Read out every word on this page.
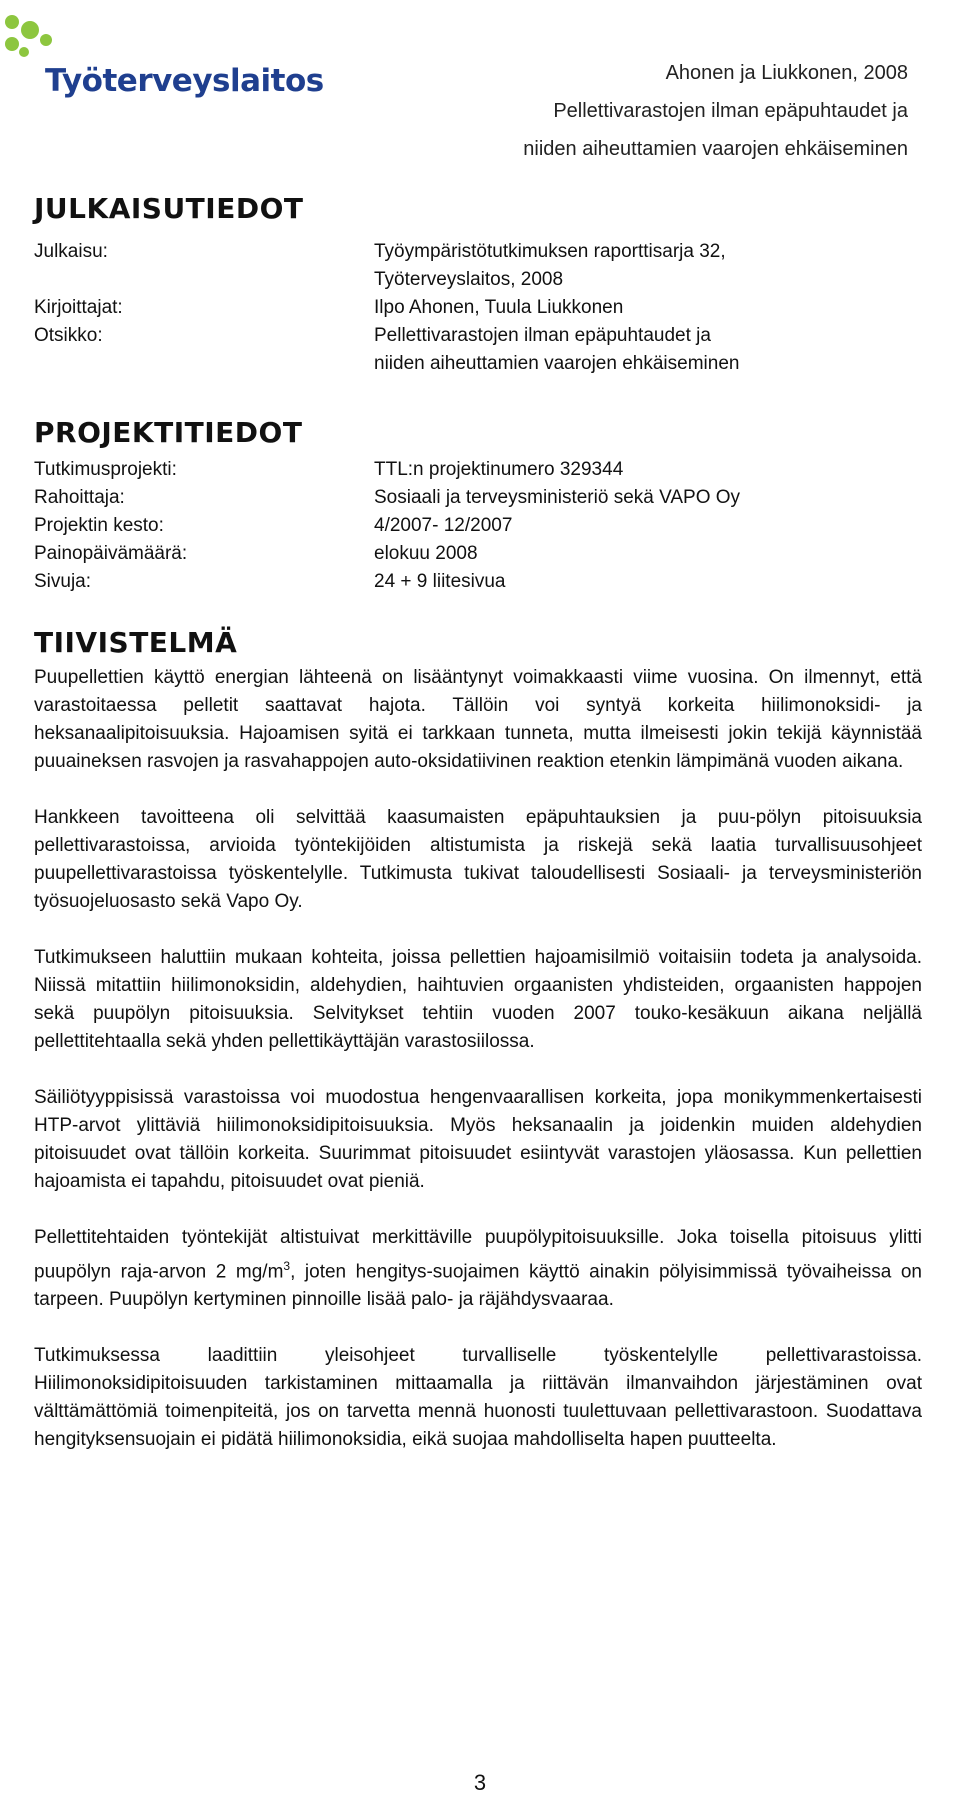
Työterveyslaitos	Ahonen ja Liukkonen, 2008
Pellettivarastojen ilman epäpuhtaudet ja
niiden aiheuttamien vaarojen ehkäiseminen
JULKAISUTIEDOT
Julkaisu:	Työympäristötutkimuksen raporttisarja 32,
Työterveyslaitos, 2008
Kirjoittajat:	Ilpo Ahonen, Tuula Liukkonen
Otsikko:	Pellettivarastojen ilman epäpuhtaudet ja
niiden aiheuttamien vaarojen ehkäiseminen
PROJEKTITIEDOT
Tutkimusprojekti:	TTL:n projektinumero 329344
Rahoittaja:	Sosiaali ja terveysministeriö sekä VAPO Oy
Projektin kesto:	4/2007- 12/2007
Painopäivämäärä:	elokuu 2008
Sivuja:	24 + 9 liitesivua
TIIVISTELMÄ

Puupellettien käyttö energian lähteenä on lisääntynyt voimakkaasti viime vuosina. On ilmennyt, että varastoitaessa pelletit saattavat hajota. Tällöin voi syntyä korkeita hiilimonoksidi- ja heksanaalipitoisuuksia. Hajoamisen syitä ei tarkkaan tunneta, mutta ilmeisesti jokin tekijä käynnistää puuaineksen rasvojen ja rasvahappojen auto-oksidatiivinen reaktion etenkin lämpimänä vuoden aikana.

Hankkeen tavoitteena oli selvittää kaasumaisten epäpuhtauksien ja puu-pölyn pitoisuuksia pellettivarastoissa, arvioida työntekijöiden altistumista ja riskejä sekä laatia turvallisuusohjeet puupellettivarastoissa työskentelylle. Tutkimusta tukivat taloudellisesti Sosiaali- ja terveysministeriön työsuojeluosasto sekä Vapo Oy.

Tutkimukseen haluttiin mukaan kohteita, joissa pellettien hajoamisilmiö voitaisiin todeta ja analysoida. Niissä mitattiin hiilimonoksidin, aldehydien, haihtuvien orgaanisten yhdisteiden, orgaanisten happojen sekä puupölyn pitoisuuksia. Selvitykset tehtiin vuoden 2007 touko-kesäkuun aikana neljällä pellettitehtaalla sekä yhden pellettikäyttäjän varastosiilossa.

Säiliötyyppisissä varastoissa voi muodostua hengenvaarallisen korkeita, jopa monikymmenkertaisesti HTP-arvot ylittäviä hiilimonoksidipitoisuuksia. Myös heksanaalin ja joidenkin muiden aldehydien pitoisuudet ovat tällöin korkeita. Suurimmat pitoisuudet esiintyvät varastojen yläosassa. Kun pellettien hajoamista ei tapahdu, pitoisuudet ovat pieniä.

Pellettitehtaiden työntekijät altistuivat merkittäville puupölypitoisuuksille. Joka toisella pitoisuus ylitti puupölyn raja-arvon 2 $mg/m^3$, joten hengitys-suojaimen käyttö ainakin pölyisimmissä työvaiheissa on tarpeen. Puupölyn kertyminen pinnoille lisää palo- ja räjähdysvaaraa.

Tutkimuksessa laadittiin yleisohjeet turvalliselle työskentelylle pellettivarastoissa. Hiilimonoksidipitoisuuden tarkistaminen mittaamalla ja riittävän ilmanvaihdon järjestäminen ovat välttämättömiä toimenpiteitä, jos on tarvetta mennä huonosti tuulettuvaan pellettivarastoon. Suodattava hengityksensuojain ei pidätä hiilimonoksidia, eikä suojaa mahdolliselta hapen puutteelta.

3
